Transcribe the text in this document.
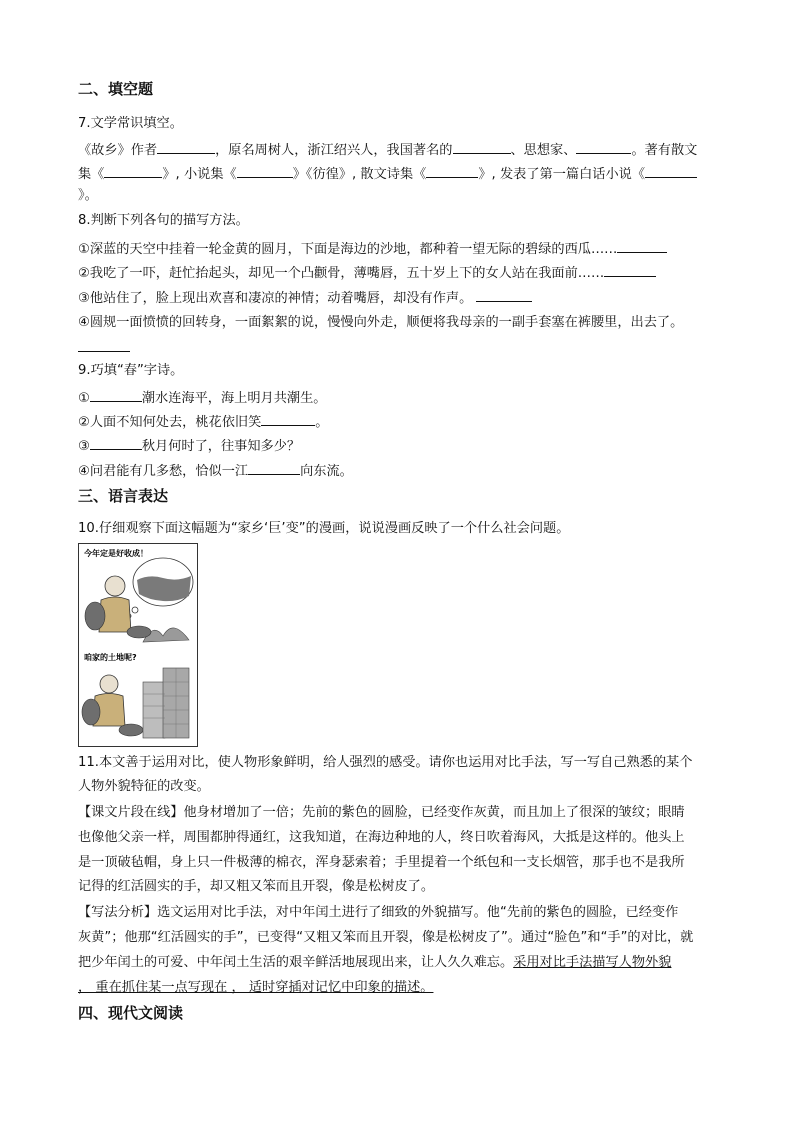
二、填空题
7.文学常识填空。
《故乡》作者	，原名周树人，浙江绍兴人，我国著名的	、思想家、	。著有散文
集《	》, 小说集《	》《彷徨》, 散文诗集《	》, 发表了第一篇白话小说《
》。
8.判断下列各句的描写方法。
①深蓝的天空中挂着一轮金黄的圆月，下面是海边的沙地，都种着一望无际的碧绿的西瓜……
②我吃了一吓，赶忙抬起头，却见一个凸颧骨，薄嘴唇，五十岁上下的女人站在我面前……
③他站住了，脸上现出欢喜和凄凉的神情；动着嘴唇，却没有作声。
④圆规一面愤愤的回转身，一面絮絮的说，慢慢向外走，顺便将我母亲的一副手套塞在裤腰里，出去了。
9.巧填“春”字诗。
①	潮水连海平，海上明月共潮生。
②人面不知何处去，桃花依旧笑	。
③	秋月何时了，往事知多少？
④问君能有几多愁，恰似一江	向东流。
三、语言表达
10.仔细观察下面这幅题为“家乡‘巨’变”的漫画，说说漫画反映了一个什么社会问题。
今年定是好收成！
咱家的土地呢?
11.本文善于运用对比，使人物形象鲜明，给人强烈的感受。请你也运用对比手法，写一写自己熟悉的某个
人物外貌特征的改变。
【课文片段在线】他身材增加了一倍；先前的紫色的圆脸，已经变作灰黄，而且加上了很深的皱纹；眼睛
也像他父亲一样，周围都肿得通红，这我知道，在海边种地的人，终日吹着海风，大抵是这样的。他头上
是一顶破毡帽，身上只一件极薄的棉衣，浑身瑟索着；手里提着一个纸包和一支长烟管，那手也不是我所
记得的红活圆实的手，却又粗又笨而且开裂，像是松树皮了。
【写法分析】选文运用对比手法，对中年闰土进行了细致的外貌描写。他“先前的紫色的圆脸，已经变作
灰黄”；他那“红活圆实的手”，已变得“又粗又笨而且开裂，像是松树皮了”。通过“脸色”和“手”的对比，就
把少年闰土的可爱、中年闰土生活的艰辛鲜活地展现出来，让人久久难忘。采用对比手法描写人物外貌
， 重在抓住某一点写现在 ， 适时穿插对记忆中印象的描述。
四、现代文阅读
